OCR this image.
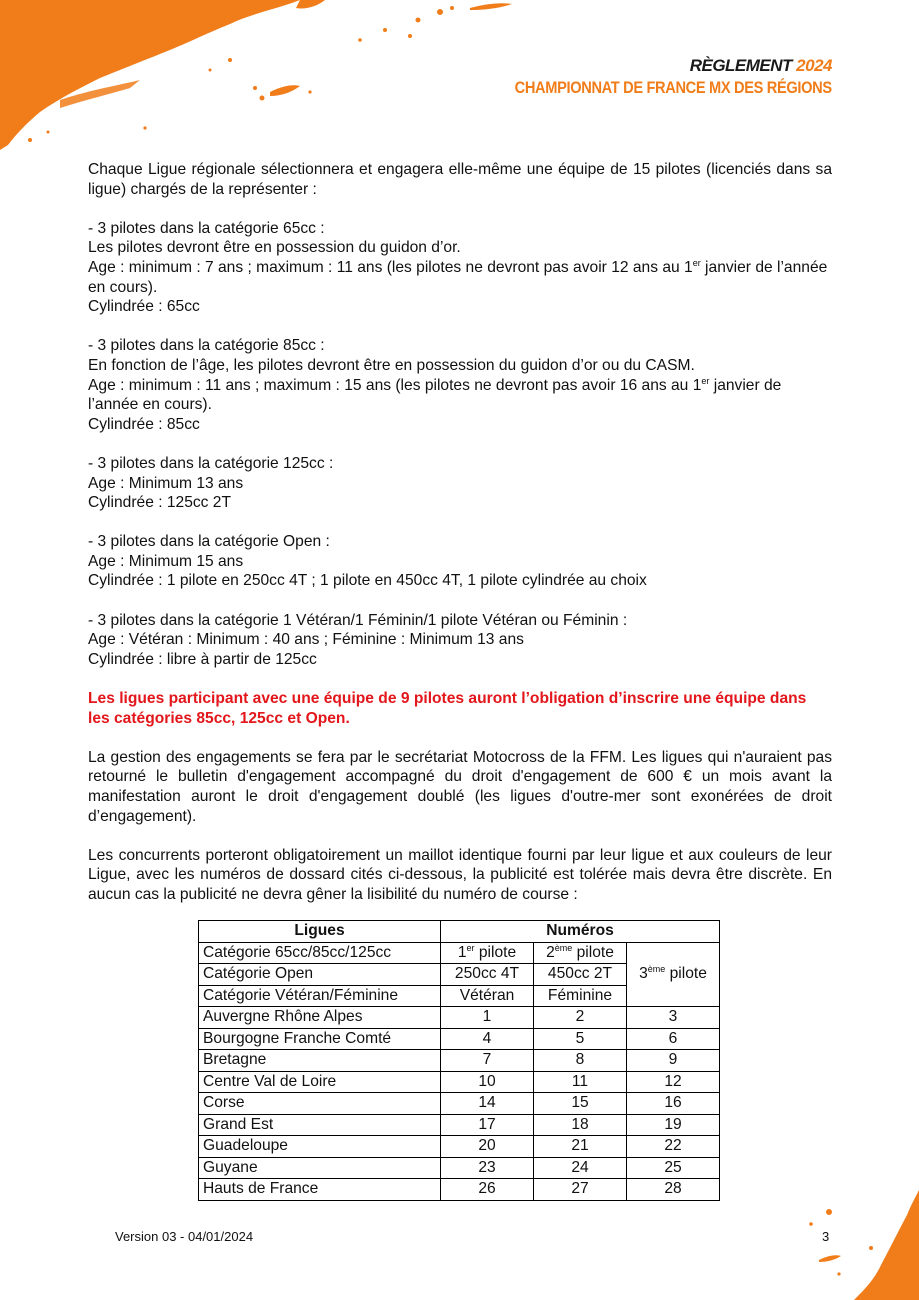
RÈGLEMENT 2024
CHAMPIONNAT DE FRANCE MX DES RÉGIONS

Chaque Ligue régionale sélectionnera et engagera elle-même une équipe de 15 pilotes (licenciés dans sa ligue) chargés de la représenter :

- 3 pilotes dans la catégorie 65cc :
Les pilotes devront être en possession du guidon d’or.
Age : minimum : 7 ans ; maximum : 11 ans (les pilotes ne devront pas avoir 12 ans au 1er janvier de l’année en cours).
Cylindrée : 65cc

- 3 pilotes dans la catégorie 85cc :
En fonction de l’âge, les pilotes devront être en possession du guidon d’or ou du CASM.
Age : minimum : 11 ans ; maximum : 15 ans (les pilotes ne devront pas avoir 16 ans au 1er janvier de l’année en cours).
Cylindrée : 85cc

- 3 pilotes dans la catégorie 125cc :
Age : Minimum 13 ans
Cylindrée : 125cc 2T

- 3 pilotes dans la catégorie Open :
Age : Minimum 15 ans
Cylindrée : 1 pilote en 250cc 4T ; 1 pilote en 450cc 4T, 1 pilote cylindrée au choix

- 3 pilotes dans la catégorie 1 Vétéran/1 Féminin/1 pilote Vétéran ou Féminin :
Age : Vétéran : Minimum : 40 ans ; Féminine : Minimum 13 ans
Cylindrée : libre à partir de 125cc

Les ligues participant avec une équipe de 9 pilotes auront l’obligation d’inscrire une équipe dans les catégories 85cc, 125cc et Open.

La gestion des engagements se fera par le secrétariat Motocross de la FFM. Les ligues qui n'auraient pas retourné le bulletin d'engagement accompagné du droit d'engagement de 600 € un mois avant la manifestation auront le droit d'engagement doublé (les ligues d'outre-mer sont exonérées de droit d’engagement).

Les concurrents porteront obligatoirement un maillot identique fourni par leur ligue et aux couleurs de leur Ligue, avec les numéros de dossard cités ci-dessous, la publicité est tolérée mais devra être discrète. En aucun cas la publicité ne devra gêner la lisibilité du numéro de course :

Ligues	Numéros		
Catégorie 65cc/85cc/125cc	1er pilote	2ème pilote	3ème pilote
Catégorie Open	250cc 4T	450cc 2T	
Catégorie Vétéran/Féminine	Vétéran	Féminine	
Auvergne Rhône Alpes	1	2	3
Bourgogne Franche Comté	4	5	6
Bretagne	7	8	9
Centre Val de Loire	10	11	12
Corse	14	15	16
Grand Est	17	18	19
Guadeloupe	20	21	22
Guyane	23	24	25
Hauts de France	26	27	28
Version 03 - 04/01/2024	3
